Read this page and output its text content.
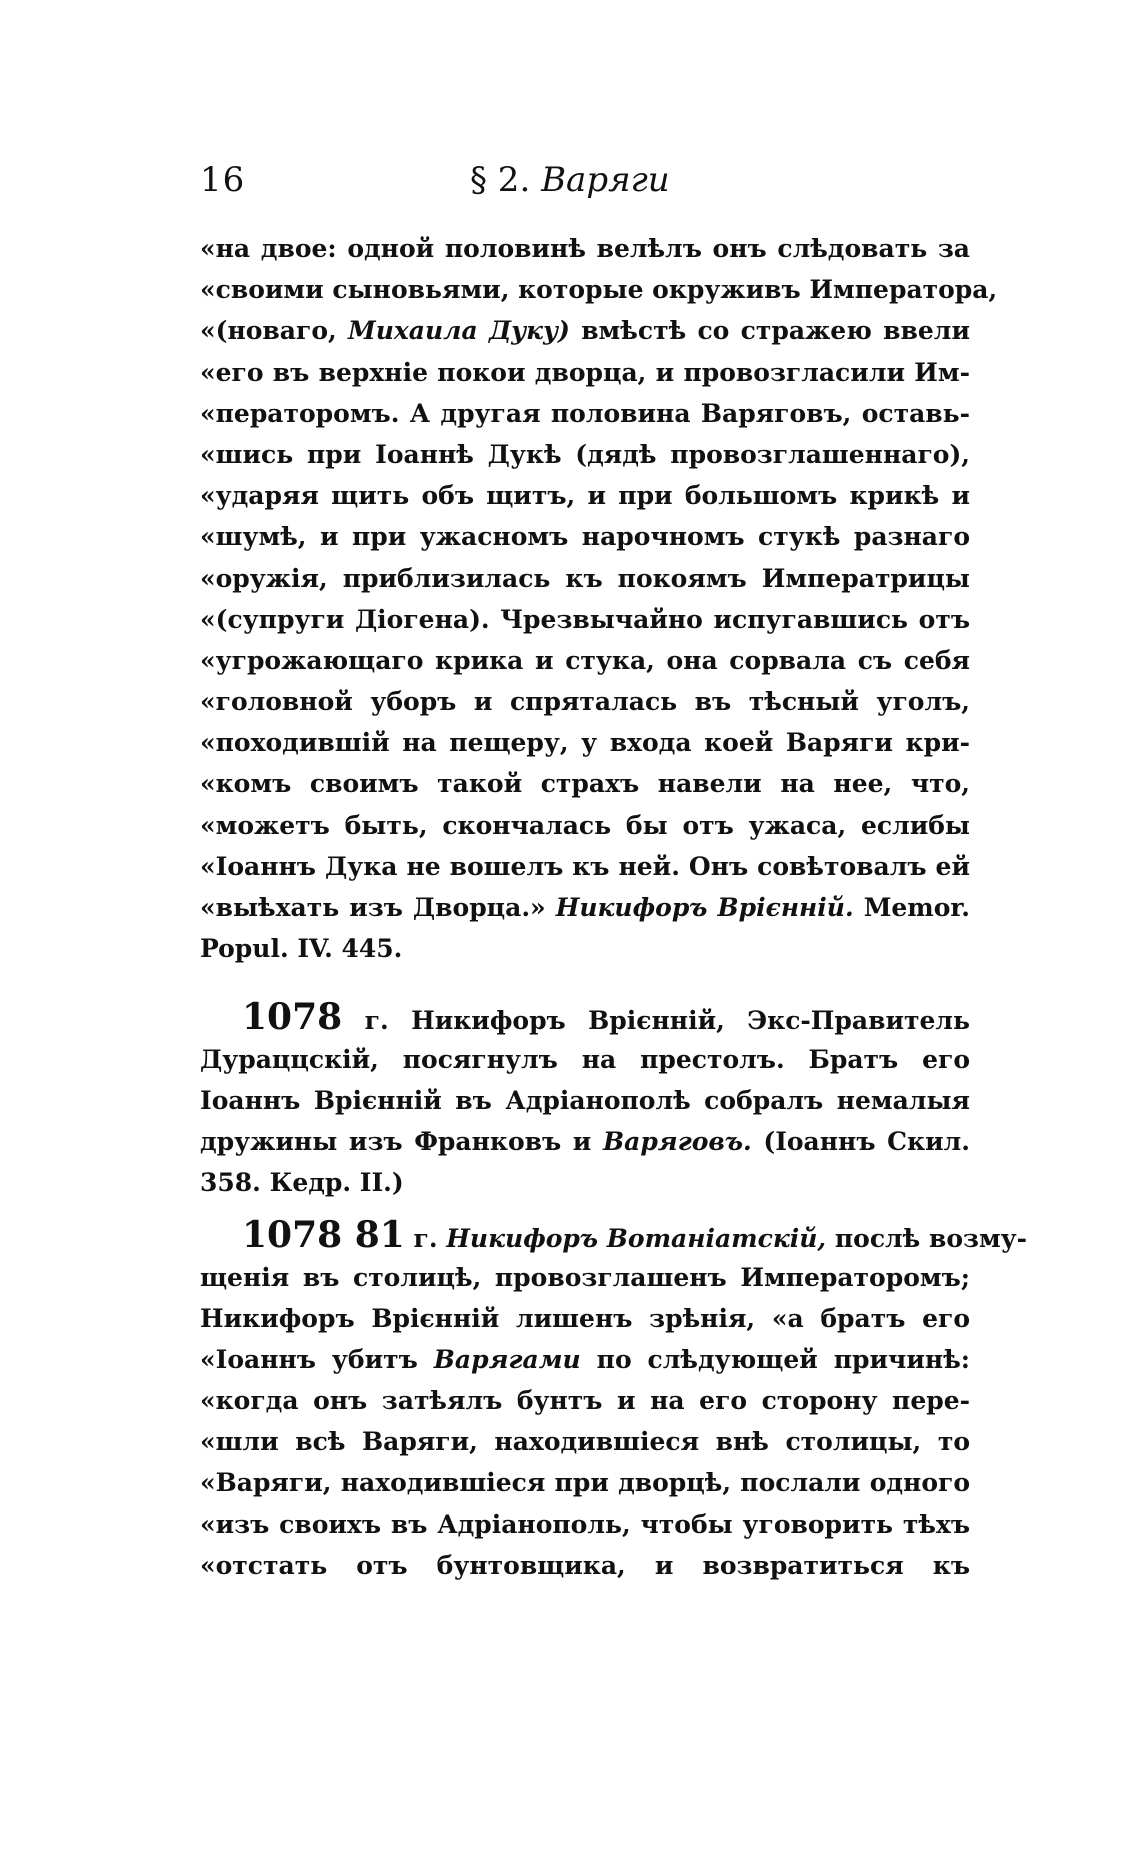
16	§ 2. Варяги
«на двое: одной половинѣ велѣлъ онъ слѣдовать за
«своими сыновьями, которые окруживъ Императора,
«(новаго, Михаила Дуку) вмѣстѣ со стражею ввели
«его въ верхніе покои дворца, и провозгласили Им-
«ператоромъ. А другая половина Варяговъ, оставь-
«шись при Іоаннѣ Дукѣ (дядѣ провозглашеннаго),
«ударяя щить объ щитъ, и при большомъ крикѣ и
«шумѣ, и при ужасномъ нарочномъ стукѣ разнаго
«оружія, приблизилась къ покоямъ Императрицы
«(супруги Діогена). Чрезвычайно испугавшись отъ
«угрожающаго крика и стука, она сорвала съ себя
«головной уборъ и спряталась въ тѣсный уголъ,
«походившій на пещеру, у входа коей Варяги кри-
«комъ своимъ такой страхъ навели на нее, что,
«можетъ быть, скончалась бы отъ ужаса, еслибы
«Іоаннъ Дука не вошелъ къ ней. Онъ совѣтовалъ ей
«выѣхать изъ Дворца.» Никифоръ Врієнній. Memor.
Popul. IV. 445.
1078 г. Никифоръ Врієнній, Экс-Правитель
Дураццскій, посягнулъ на престолъ. Братъ его
Іоаннъ Врієнній въ Адріанополѣ собралъ немалыя
дружины изъ Франковъ и Варяговъ. (Іоаннъ Скил.
358. Кедр. II.)
1078 81 г. Никифоръ Вотаніатскій, послѣ возму-
щенія въ столицѣ, провозглашенъ Императоромъ;
Никифоръ Врієнній лишенъ зрѣнія, «а братъ его
«Іоаннъ убитъ Варягами по слѣдующей причинѣ:
«когда онъ затѣялъ бунтъ и на его сторону пере-
«шли всѣ Варяги, находившіеся внѣ столицы, то
«Варяги, находившіеся при дворцѣ, послали одного
«изъ своихъ въ Адріанополь, чтобы уговорить тѣхъ
«отстать отъ бунтовщика, и возвратиться къ
